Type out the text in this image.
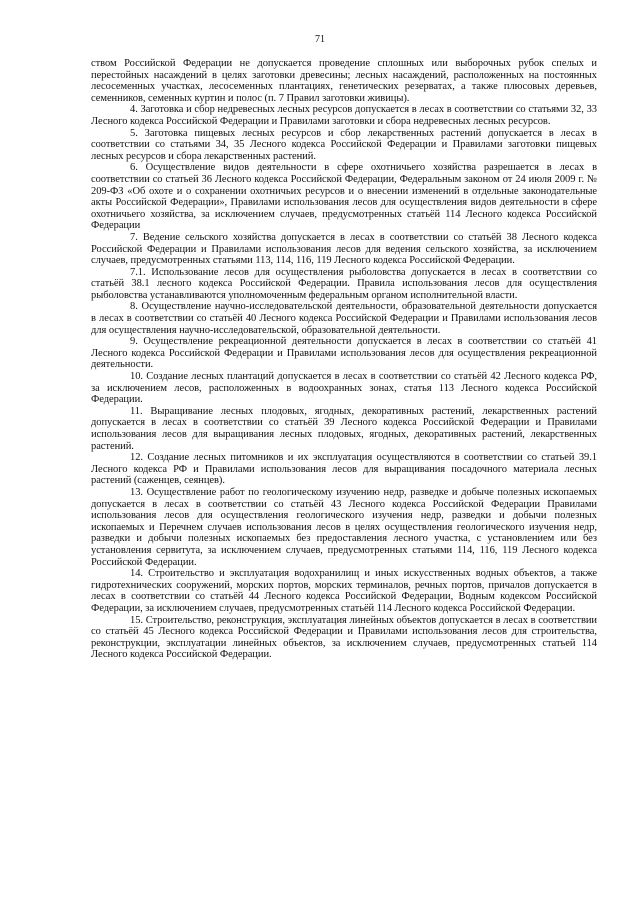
71

ством Российской Федерации не допускается проведение сплошных или выборочных рубок спелых и перестойных насаждений в целях заготовки древесины; лесных насаждений, расположенных на постоянных лесосеменных участках, лесосеменных плантациях, генетических резерватах, а также плюсовых деревьев, семенников, семенных куртин и полос (п. 7 Правил заготовки живицы).

4. Заготовка и сбор недревесных лесных ресурсов допускается в лесах в соответствии со статьями 32, 33 Лесного кодекса Российской Федерации и Правилами заготовки и сбора недревесных лесных ресурсов.

5. Заготовка пищевых лесных ресурсов и сбор лекарственных растений допускается в лесах в соответствии со статьями 34, 35 Лесного кодекса Российской Федерации и Правилами заготовки пищевых лесных ресурсов и сбора лекарственных растений.

6. Осуществление видов деятельности в сфере охотничьего хозяйства разрешается в лесах в соответствии со статьей 36 Лесного кодекса Российской Федерации, Федеральным законом от 24 июля 2009 г. № 209-ФЗ «Об охоте и о сохранении охотничьих ресурсов и о внесении изменений в отдельные законодательные акты Российской Федерации», Правилами использования лесов для осуществления видов деятельности в сфере охотничьего хозяйства, за исключением случаев, предусмотренных статьёй 114 Лесного кодекса Российской Федерации

7. Ведение сельского хозяйства допускается в лесах в соответствии со статьёй 38 Лесного кодекса Российской Федерации и Правилами использования лесов для ведения сельского хозяйства, за исключением случаев, предусмотренных статьями 113, 114, 116, 119 Лесного кодекса Российской Федерации.

7.1. Использование лесов для осуществления рыболовства допускается в лесах в соответствии со статьёй 38.1 лесного кодекса Российской Федерации. Правила использования лесов для осуществления рыболовства устанавливаются уполномоченным федеральным органом исполнительной власти.

8. Осуществление научно-исследовательской деятельности, образовательной деятельности допускается в лесах в соответствии со статьёй 40 Лесного кодекса Российской Федерации и Правилами использования лесов для осуществления научно-исследовательской, образовательной деятельности.

9. Осуществление рекреационной деятельности допускается в лесах в соответствии со статьёй 41 Лесного кодекса Российской Федерации и Правилами использования лесов для осуществления рекреационной деятельности.

10. Создание лесных плантаций допускается в лесах в соответствии со статьёй 42 Лесного кодекса РФ, за исключением лесов, расположенных в водоохранных зонах, статья 113 Лесного кодекса Российской Федерации.

11. Выращивание лесных плодовых, ягодных, декоративных растений, лекарственных растений допускается в лесах в соответствии со статьёй 39 Лесного кодекса Российской Федерации и Правилами использования лесов для выращивания лесных плодовых, ягодных, декоративных растений, лекарственных растений.

12. Создание лесных питомников и их эксплуатация осуществляются в соответствии со статьей 39.1 Лесного кодекса РФ и Правилами использования лесов для выращивания посадочного материала лесных растений (саженцев, сеянцев).

13. Осуществление работ по геологическому изучению недр, разведке и добыче полезных ископаемых допускается в лесах в соответствии со статьёй 43 Лесного кодекса Российской Федерации Правилами использования лесов для осуществления геологического изучения недр, разведки и добычи полезных ископаемых и Перечнем случаев использования лесов в целях осуществления геологического изучения недр, разведки и добычи полезных ископаемых без предоставления лесного участка, с установлением или без установления сервитута, за исключением случаев, предусмотренных статьями 114, 116, 119 Лесного кодекса Российской Федерации.

14. Строительство и эксплуатация водохранилищ и иных искусственных водных объектов, а также гидротехнических сооружений, морских портов, морских терминалов, речных портов, причалов допускается в лесах в соответствии со статьёй 44 Лесного кодекса Российской Федерации, Водным кодексом Российской Федерации, за исключением случаев, предусмотренных статьёй 114 Лесного кодекса Российской Федерации.

15. Строительство, реконструкция, эксплуатация линейных объектов допускается в лесах в соответствии со статьёй 45 Лесного кодекса Российской Федерации и Правилами использования лесов для строительства, реконструкции, эксплуатации линейных объектов, за исключением случаев, предусмотренных статьей 114 Лесного кодекса Российской Федерации.
